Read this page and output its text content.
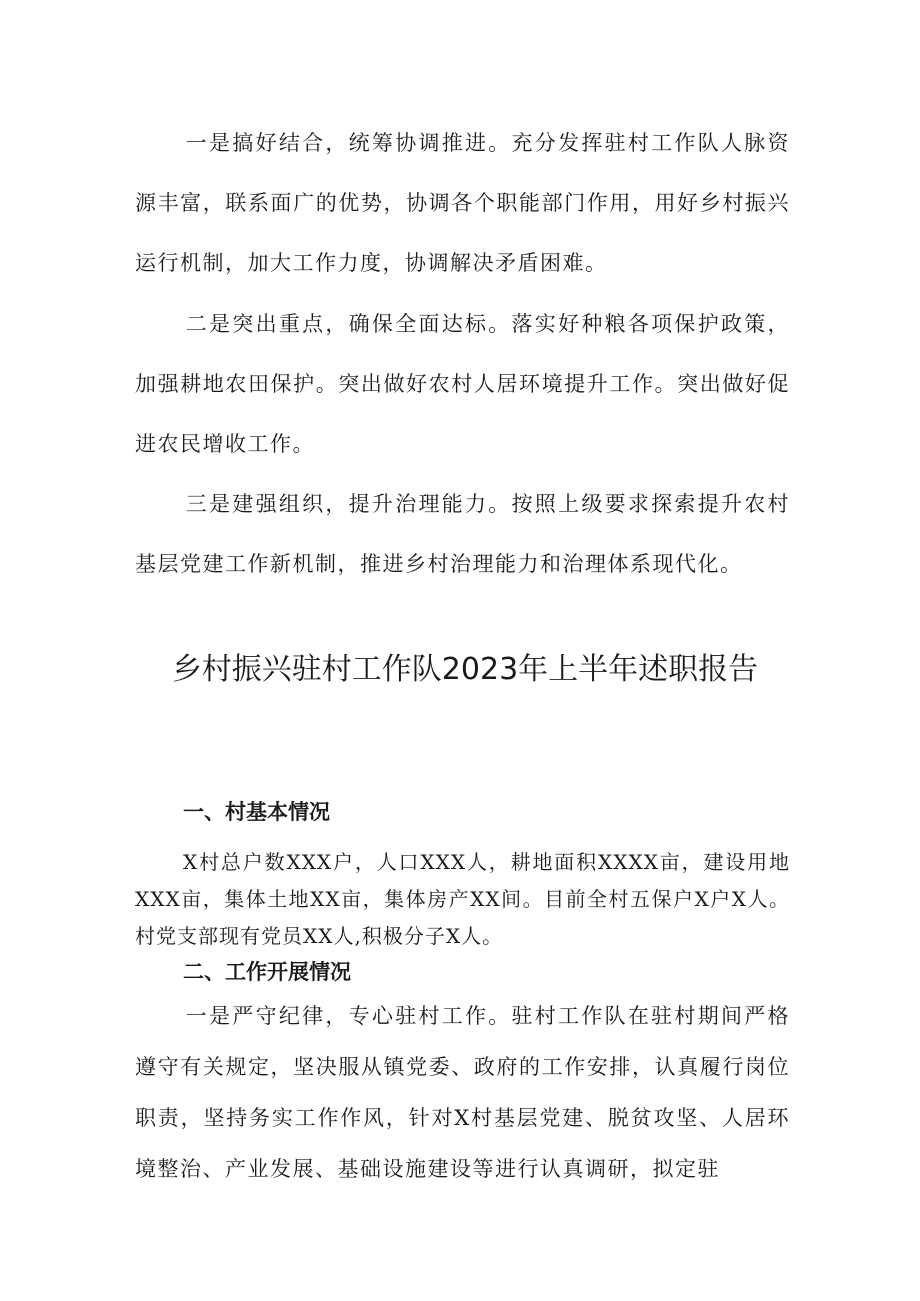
一是搞好结合，统筹协调推进。充分发挥驻村工作队人脉资源丰富，联系面广的优势，协调各个职能部门作用，用好乡村振兴运行机制，加大工作力度，协调解决矛盾困难。

二是突出重点，确保全面达标。落实好种粮各项保护政策，加强耕地农田保护。突出做好农村人居环境提升工作。突出做好促进农民增收工作。

三是建强组织，提升治理能力。按照上级要求探索提升农村基层党建工作新机制，推进乡村治理能力和治理体系现代化。

乡村振兴驻村工作队2023年上半年述职报告
一、村基本情况

X村总户数XXX户，人口XXX人，耕地面积XXXX亩，建设用地XXX亩，集体土地XX亩，集体房产XX间。目前全村五保户X户X人。村党支部现有党员XX人,积极分子X人。

二、工作开展情况

一是严守纪律，专心驻村工作。驻村工作队在驻村期间严格遵守有关规定，坚决服从镇党委、政府的工作安排，认真履行岗位职责，坚持务实工作作风，针对X村基层党建、脱贫攻坚、人居环境整治、产业发展、基础设施建设等进行认真调研，拟定驻
